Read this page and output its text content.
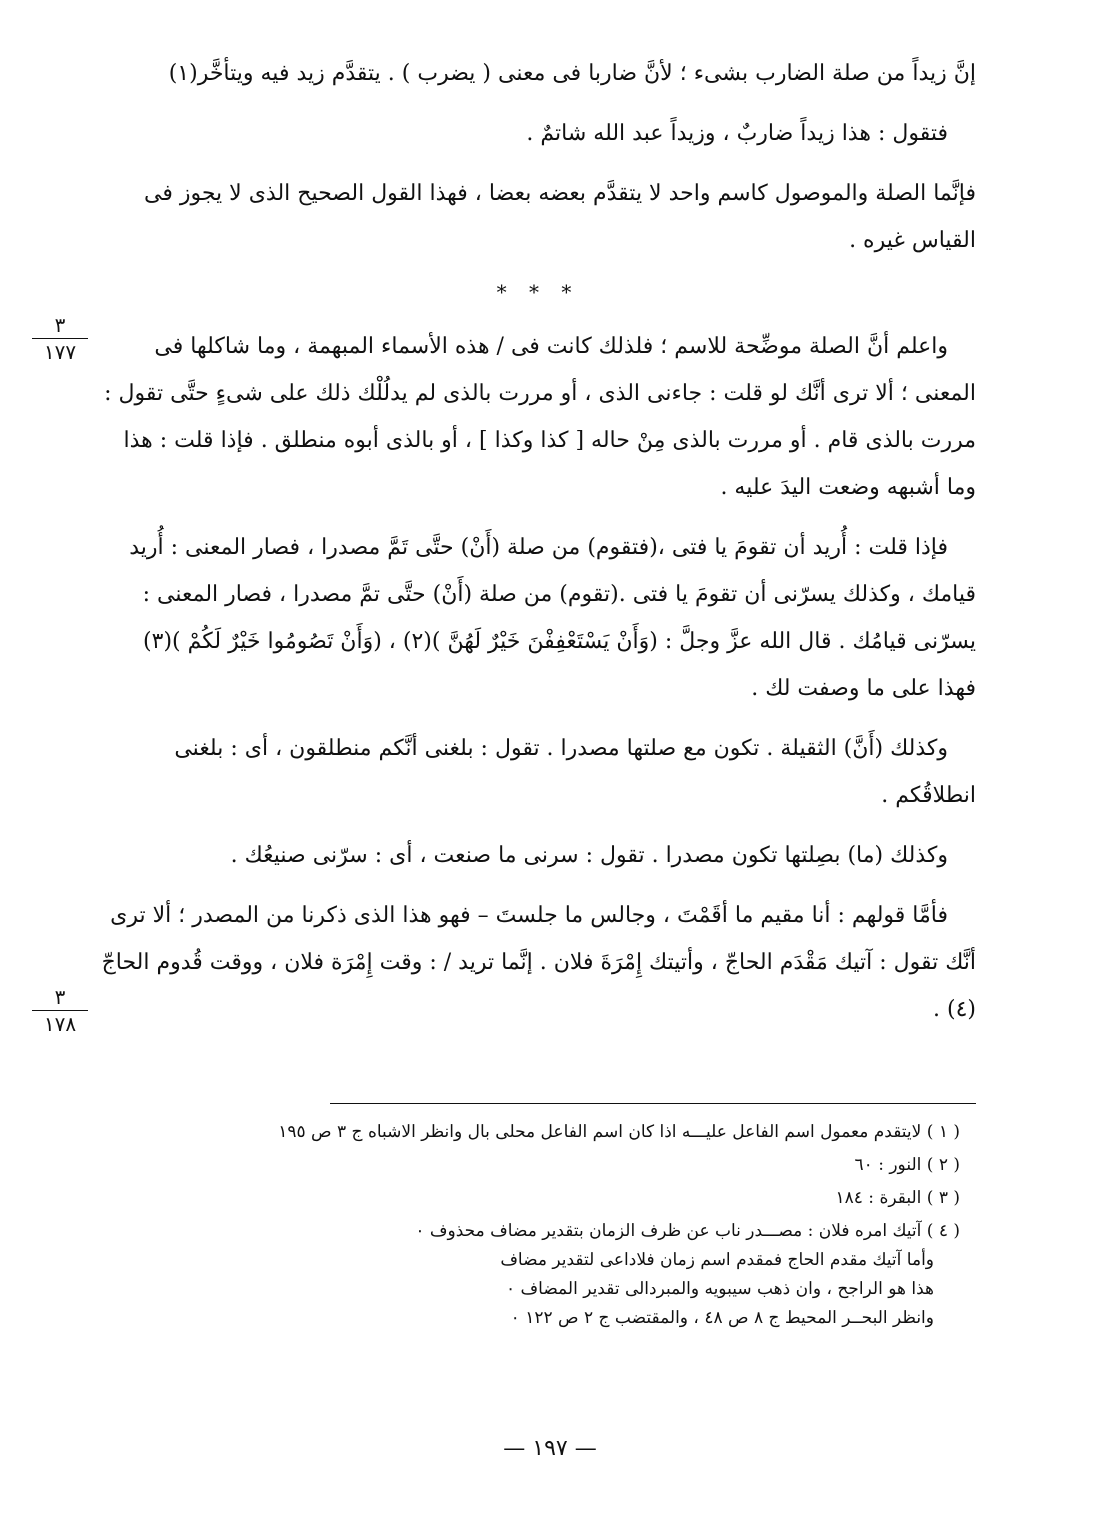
إنَّ زيداً من صلة الضارب بشىء ؛ لأنَّ ضاربا فى معنى ( يضرب ) . يتقدَّم زيد فيه ويتأخَّر(١)

فتقول : هذا زيداً ضاربٌ ، وزيداً عبد الله شاتمٌ .

فإنَّما الصلة والموصول كاسم واحد لا يتقدَّم بعضه بعضا ، فهذا القول الصحيح الذى لا يجوز فى القياس غيره .

* * *

واعلم أنَّ الصلة موضِّحة للاسم ؛ فلذلك كانت فى / هذه الأسماء المبهمة ، وما شاكلها فى المعنى ؛ ألا ترى أنَّك لو قلت : جاءنى الذى ، أو مررت بالذى لم يدلُلْك ذلك على شىءٍ حتَّى تقول : مررت بالذى قام . أو مررت بالذى مِنْ حاله [ كذا وكذا ] ، أو بالذى أبوه منطلق . فإذا قلت : هذا وما أشبهه وضعت اليدَ عليه .

فإذا قلت : أُريد أن تقومَ يا فتى ،(فتقوم) من صلة (أَنْ) حتَّى تَمَّ مصدرا ، فصار المعنى : أُريد قيامك ، وكذلك يسرّنى أن تقومَ يا فتى .(تقوم) من صلة (أَنْ) حتَّى تمَّ مصدرا ، فصار المعنى : يسرّنى قيامُك . قال الله عزَّ وجلَّ : (وَأَنْ يَسْتَعْفِفْنَ خَيْرٌ لَهُنَّ )(٢) ، (وَأَنْ تَصُومُوا خَيْرٌ لَكُمْ )(٣) فهذا على ما وصفت لك .

وكذلك (أَنَّ) الثقيلة . تكون مع صلتها مصدرا . تقول : بلغنى أنَّكم منطلقون ، أى : بلغنى انطلاقُكم .

وكذلك (ما) بصِلتها تكون مصدرا . تقول : سرنى ما صنعت ، أى : سرّنى صنيعُك .

فأمَّا قولهم : أنا مقيم ما أقَمْتَ ، وجالس ما جلستَ – فهو هذا الذى ذكرنا من المصدر ؛ ألا ترى أنَّك تقول : آتيك مَقْدَم الحاجّ ، وأتيتك إِمْرَةَ فلان . إنَّما تريد / : وقت إِمْرَة فلان ، ووقت قُدوم الحاجّ (٤) .

٣
١٧٧
٣
١٧٨
( ١ ) لايتقدم معمول اسم الفاعل عليـــه اذا كان اسم الفاعل محلى بال وانظر الاشباه ج ٣ ص ١٩٥
( ٢ ) النور : ٦٠
( ٣ ) البقرة : ١٨٤
( ٤ ) آتيك امره فلان : مصـــدر ناب عن ظرف الزمان بتقدير مضاف محذوف ٠
وأما آتيك مقدم الحاج فمقدم اسم زمان فلاداعى لتقدير مضاف
هذا هو الراجح ، وان ذهب سيبويه والمبردالى تقدير المضاف ٠
وانظر البحــر المحيط ج ٨ ص ٤٨ ، والمقتضب ج ٢ ص ١٢٢ ٠
— ١٩٧ —
